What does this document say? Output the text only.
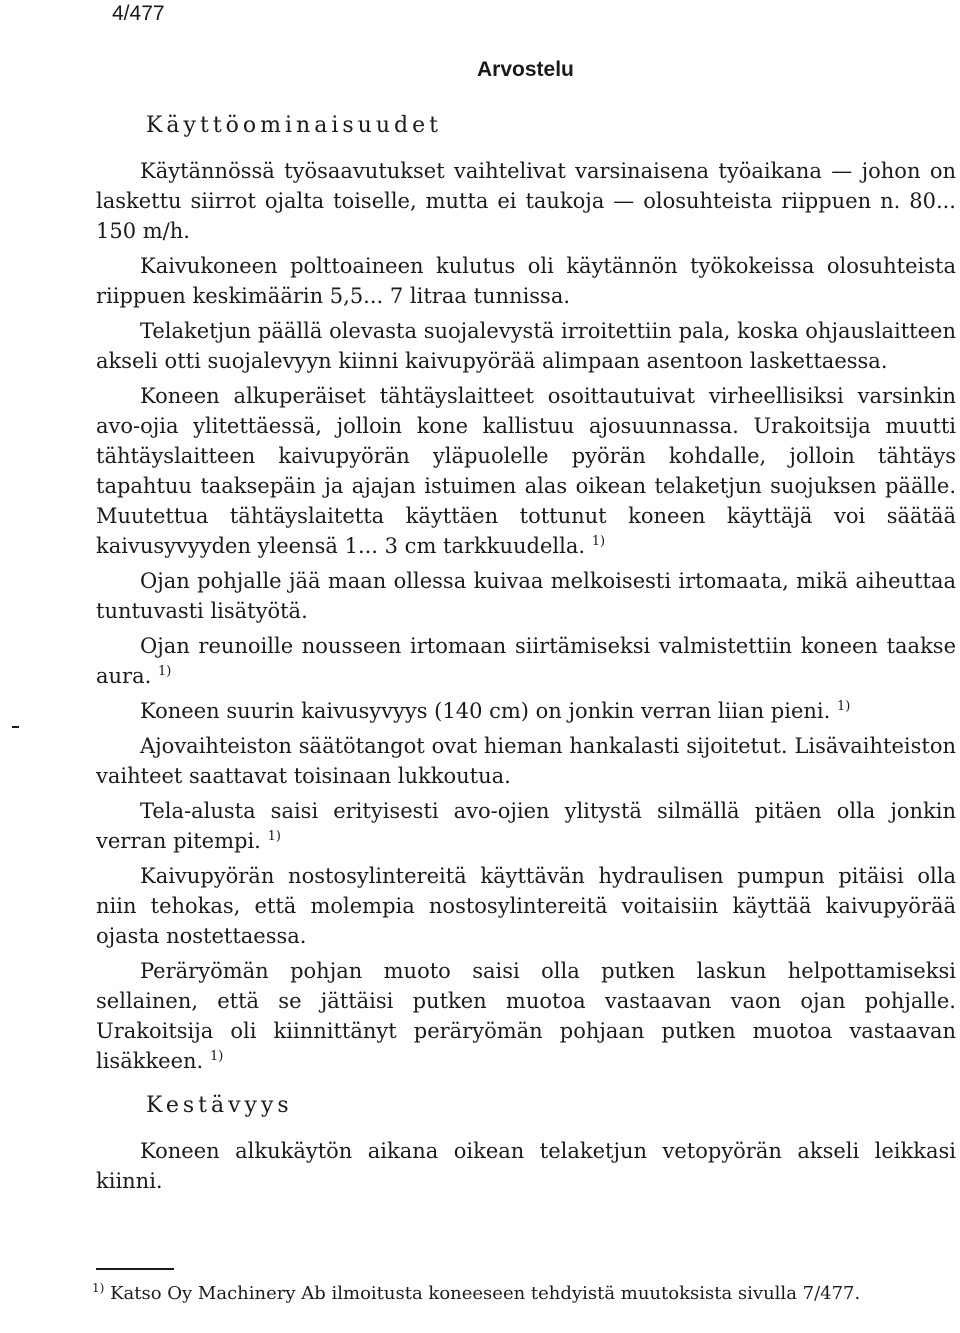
4/477
Arvostelu
Käyttöominaisuudet

Käytännössä työsaavutukset vaihtelivat varsinaisena työaikana — johon on laskettu siirrot ojalta toiselle, mutta ei taukoja — olosuhteista riippuen n. 80... 150 m/h.

Kaivukoneen polttoaineen kulutus oli käytännön työkokeissa olosuhteista riippuen keskimäärin 5,5... 7 litraa tunnissa.

Telaketjun päällä olevasta suojalevystä irroitettiin pala, koska ohjauslaitteen akseli otti suojalevyyn kiinni kaivupyörää alimpaan asentoon laskettaessa.

Koneen alkuperäiset tähtäyslaitteet osoittautuivat virheellisiksi varsinkin avo-ojia ylitettäessä, jolloin kone kallistuu ajosuunnassa. Urakoitsija muutti tähtäyslaitteen kaivupyörän yläpuolelle pyörän kohdalle, jolloin tähtäys tapahtuu taaksepäin ja ajajan istuimen alas oikean telaketjun suojuksen päälle. Muutettua tähtäyslaitetta käyttäen tottunut koneen käyttäjä voi säätää kaivusyvyyden yleensä 1... 3 cm tarkkuudella. $^{1)}$

Ojan pohjalle jää maan ollessa kuivaa melkoisesti irtomaata, mikä aiheuttaa tuntuvasti lisätyötä.

Ojan reunoille nousseen irtomaan siirtämiseksi valmistettiin koneen taakse aura. $^{1)}$

Koneen suurin kaivusyvyys (140 cm) on jonkin verran liian pieni. $^{1)}$

Ajovaihteiston säätötangot ovat hieman hankalasti sijoitetut. Lisävaihteiston vaihteet saattavat toisinaan lukkoutua.

Tela-alusta saisi erityisesti avo-ojien ylitystä silmällä pitäen olla jonkin verran pitempi. $^{1)}$

Kaivupyörän nostosylintereitä käyttävän hydraulisen pumpun pitäisi olla niin tehokas, että molempia nostosylintereitä voitaisiin käyttää kaivupyörää ojasta nostettaessa.

Peräryömän pohjan muoto saisi olla putken laskun helpottamiseksi sellainen, että se jättäisi putken muotoa vastaavan vaon ojan pohjalle. Urakoitsija oli kiinnittänyt peräryömän pohjaan putken muotoa vastaavan lisäkkeen. $^{1)}$

Kestävyys

Koneen alkukäytön aikana oikean telaketjun vetopyörän akseli leikkasi kiinni.

$^{1)}$ Katso Oy Machinery Ab ilmoitusta koneeseen tehdyistä muutoksista sivulla 7/477.
